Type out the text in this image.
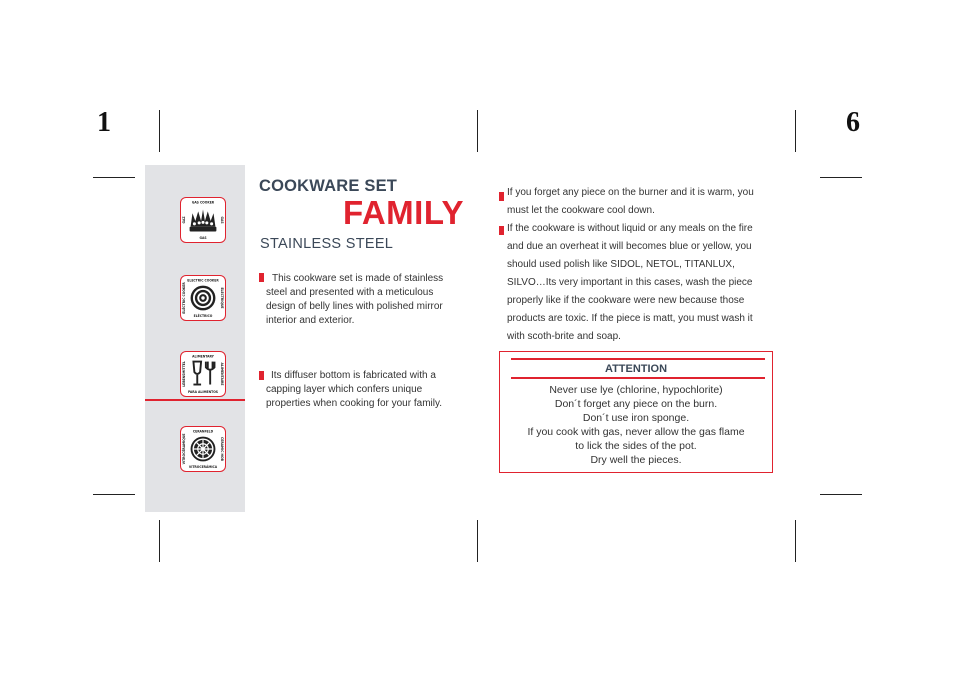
1	6
GAS COOKER
GAS
GAZ	GAS
ELECTRIC COOKER
ELÉCTRICO
ELÉCTRIC COOKER	ELECTRIQUE
ALIMENTARY
PARA ALIMENTOS
LEBENSMITTEL	ALIMENTAIRE
CERANFELD
VITROCERÁMICA
VITROCÉRAMIQUE	CERAMIC HOB
COOKWARE SET
FAMILY
STAINLESS STEEL
This cookware set is made of stainless
steel and presented with a meticulous
design of belly lines with polished mirror
interior and exterior.
Its diffuser bottom is fabricated with a
capping layer which confers unique
properties when cooking for your family.
If you forget any piece on the burner and it is warm, you
must let the cookware cool down.
If the cookware is without liquid or any meals on the fire
and due an overheat it will becomes blue or yellow, you
should used polish like SIDOL, NETOL, TITANLUX,
SILVO…Its very important in this cases, wash the piece
properly like if the cookware were new because those
products are toxic. If the piece is matt, you must wash it
with scoth-brite and soap.
ATTENTION
Never use lye (chlorine, hypochlorite)
Don´t forget any piece on the burn.
Don´t use iron sponge.
If you cook with gas, never allow the gas flame
to lick the sides of the pot.
Dry well the pieces.
